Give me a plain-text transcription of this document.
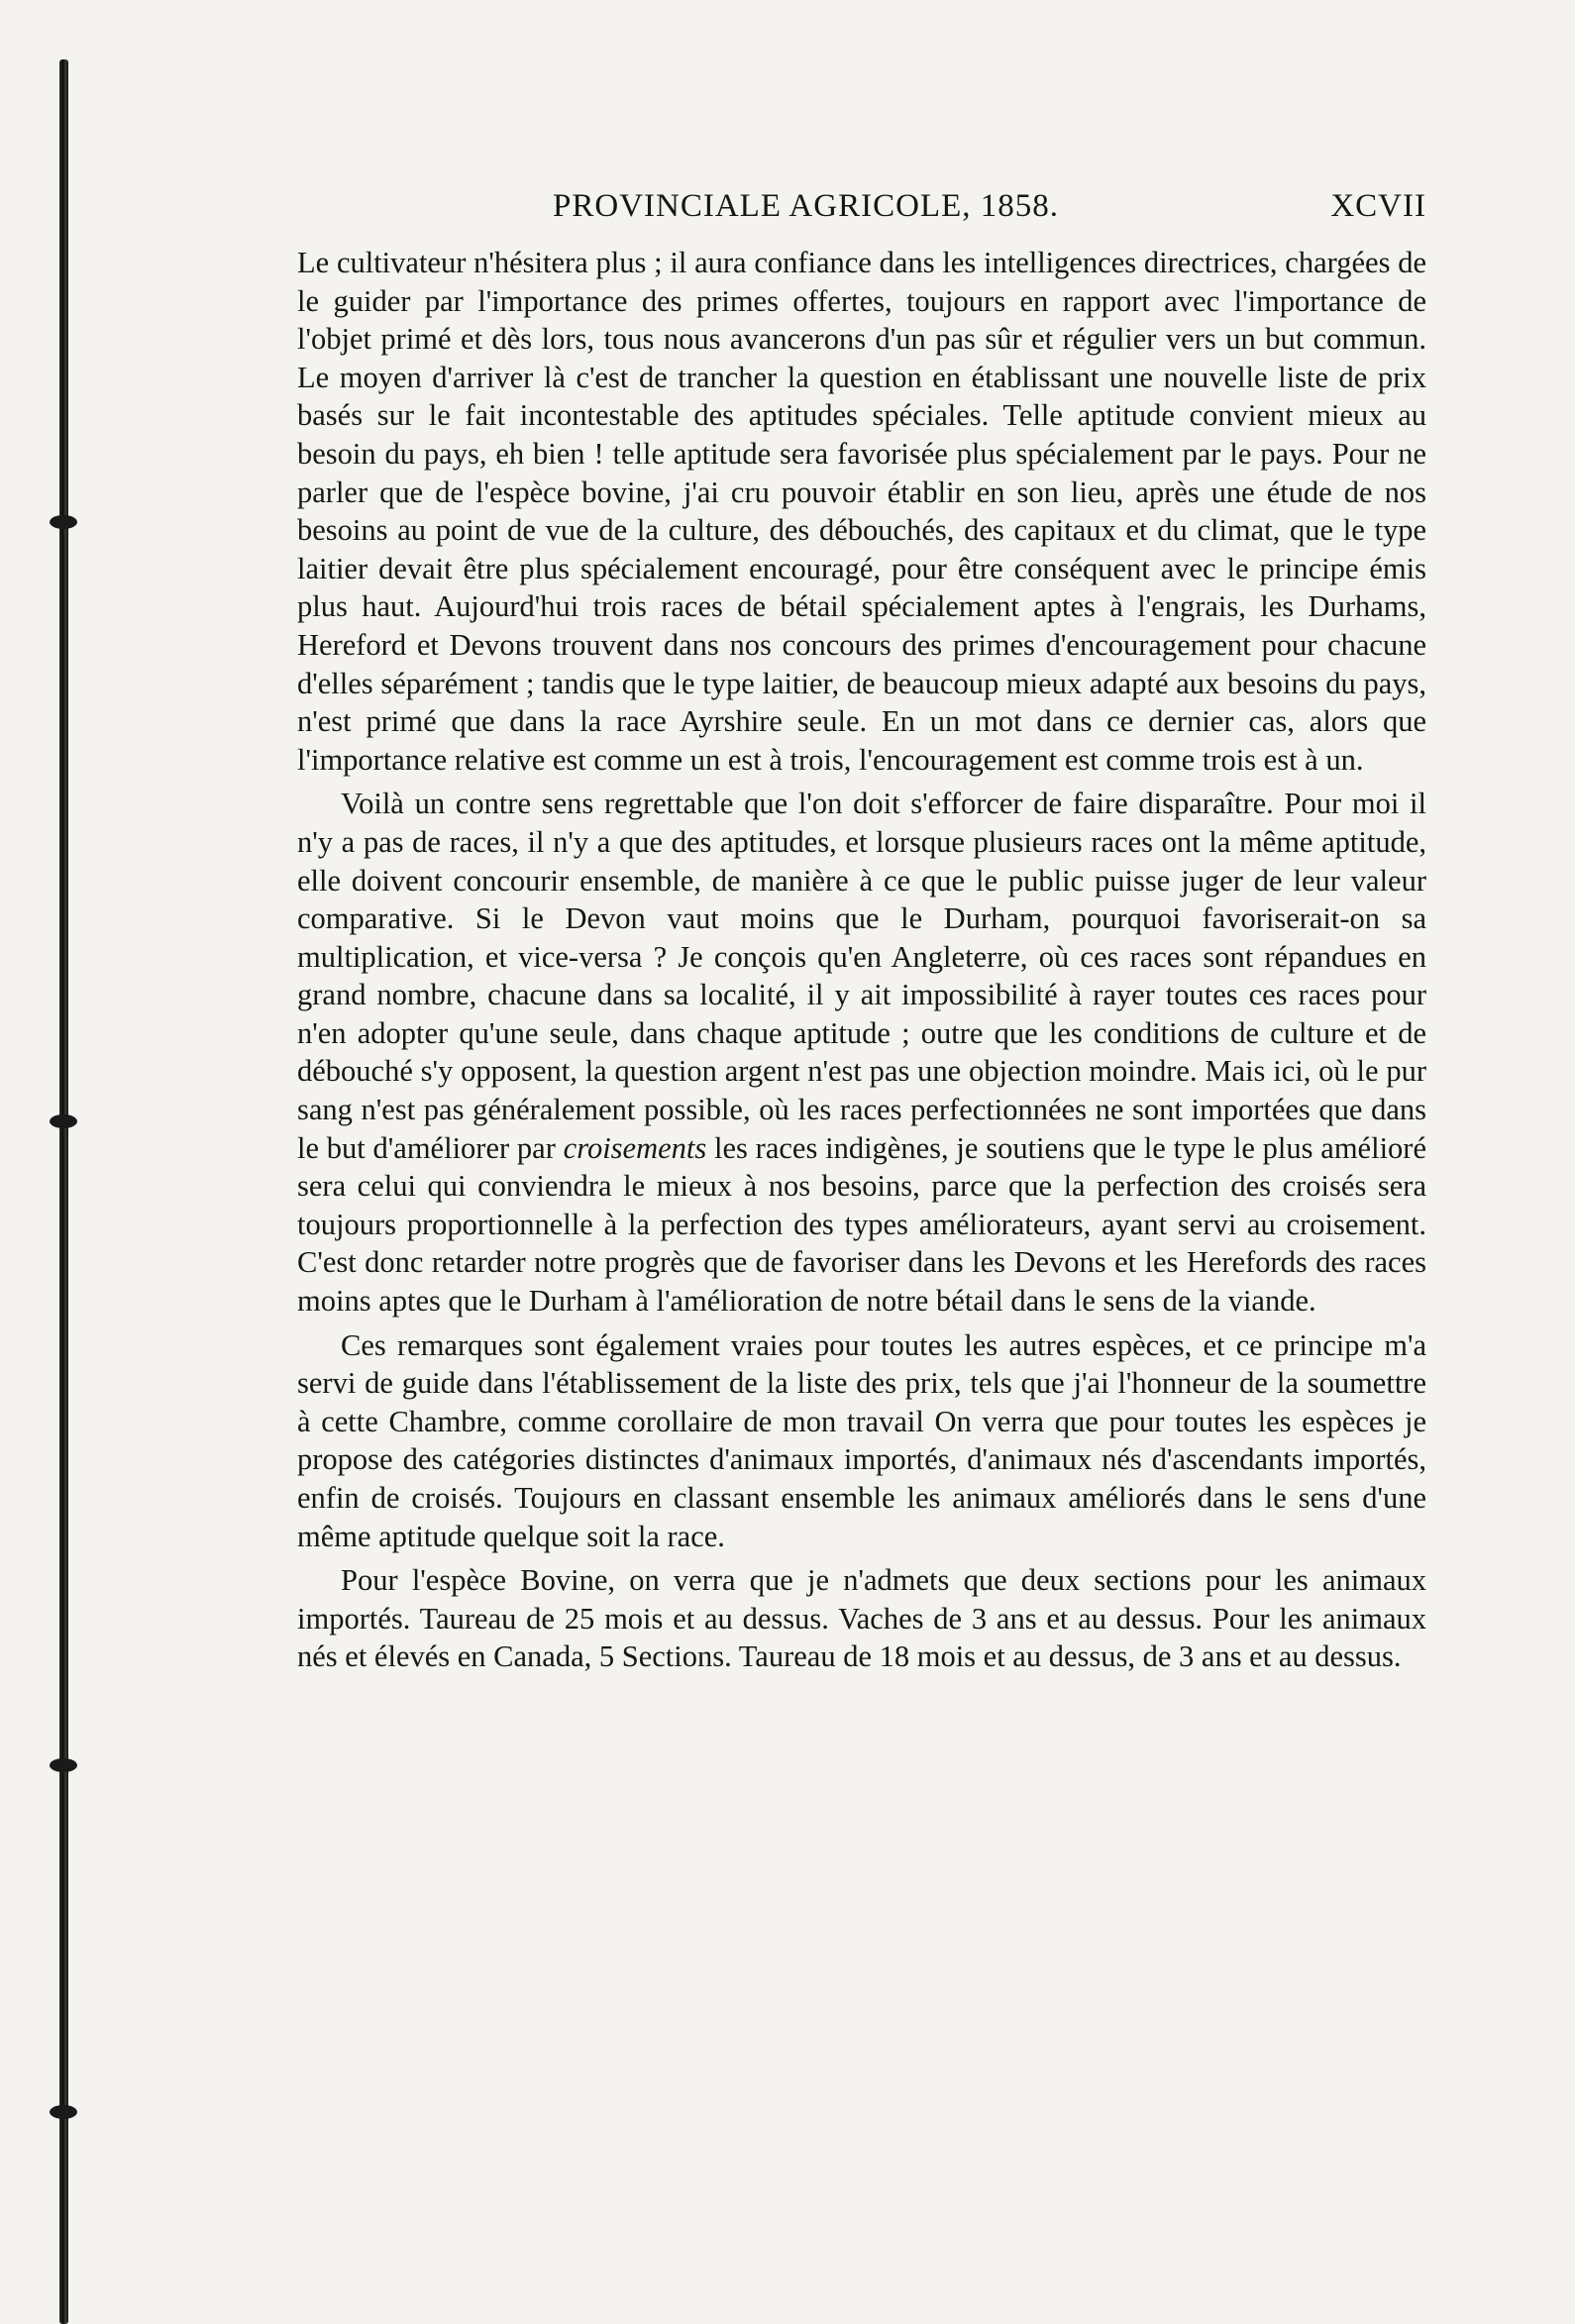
PROVINCIALE AGRICOLE, 1858.	XCVII

Le cultivateur n'hésitera plus ; il aura confiance dans les intelligences directrices, chargées de le guider par l'importance des primes offertes, toujours en rapport avec l'importance de l'objet primé et dès lors, tous nous avancerons d'un pas sûr et régulier vers un but commun. Le moyen d'arriver là c'est de trancher la question en établissant une nouvelle liste de prix basés sur le fait incontestable des aptitudes spéciales. Telle aptitude convient mieux au besoin du pays, eh bien ! telle aptitude sera favorisée plus spécialement par le pays. Pour ne parler que de l'espèce bovine, j'ai cru pouvoir établir en son lieu, après une étude de nos besoins au point de vue de la culture, des débouchés, des capitaux et du climat, que le type laitier devait être plus spécialement encouragé, pour être conséquent avec le principe émis plus haut. Aujourd'hui trois races de bétail spécialement aptes à l'engrais, les Durhams, Hereford et Devons trouvent dans nos concours des primes d'encouragement pour chacune d'elles séparément ; tandis que le type laitier, de beaucoup mieux adapté aux besoins du pays, n'est primé que dans la race Ayrshire seule. En un mot dans ce dernier cas, alors que l'importance relative est comme un est à trois, l'encouragement est comme trois est à un.

Voilà un contre sens regrettable que l'on doit s'efforcer de faire disparaître. Pour moi il n'y a pas de races, il n'y a que des aptitudes, et lorsque plusieurs races ont la même aptitude, elle doivent concourir ensemble, de manière à ce que le public puisse juger de leur valeur comparative. Si le Devon vaut moins que le Durham, pourquoi favoriserait-on sa multiplication, et vice-versa ? Je conçois qu'en Angleterre, où ces races sont répandues en grand nombre, chacune dans sa localité, il y ait impossibilité à rayer toutes ces races pour n'en adopter qu'une seule, dans chaque aptitude ; outre que les conditions de culture et de débouché s'y opposent, la question argent n'est pas une objection moindre. Mais ici, où le pur sang n'est pas généralement possible, où les races perfectionnées ne sont importées que dans le but d'améliorer par croisements les races indigènes, je soutiens que le type le plus amélioré sera celui qui conviendra le mieux à nos besoins, parce que la perfection des croisés sera toujours proportionnelle à la perfection des types améliorateurs, ayant servi au croisement. C'est donc retarder notre progrès que de favoriser dans les Devons et les Herefords des races moins aptes que le Durham à l'amélioration de notre bétail dans le sens de la viande.

Ces remarques sont également vraies pour toutes les autres espèces, et ce principe m'a servi de guide dans l'établissement de la liste des prix, tels que j'ai l'honneur de la soumettre à cette Chambre, comme corollaire de mon travail On verra que pour toutes les espèces je propose des catégories distinctes d'animaux importés, d'animaux nés d'ascendants importés, enfin de croisés. Toujours en classant ensemble les animaux améliorés dans le sens d'une même aptitude quelque soit la race.

Pour l'espèce Bovine, on verra que je n'admets que deux sections pour les animaux importés. Taureau de 25 mois et au dessus. Vaches de 3 ans et au dessus. Pour les animaux nés et élevés en Canada, 5 Sections. Taureau de 18 mois et au dessus, de 3 ans et au dessus.
